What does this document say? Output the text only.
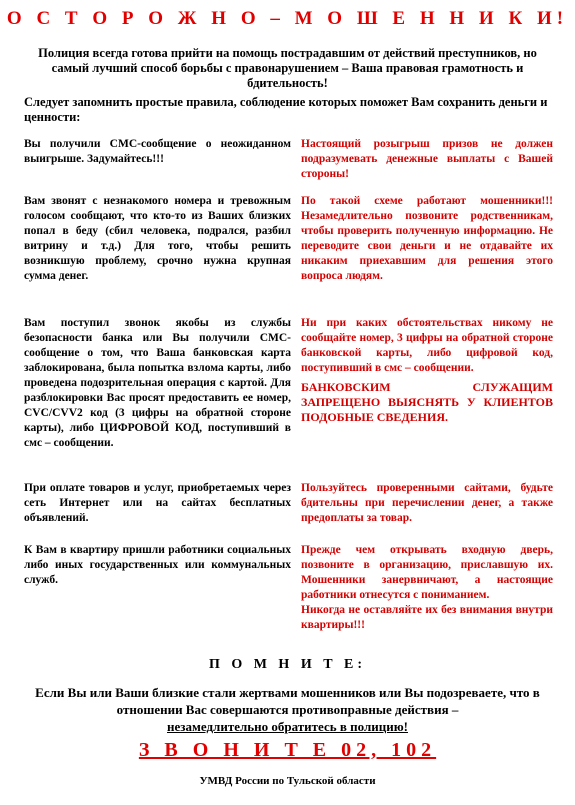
О С Т О Р О Ж Н О – М О Ш Е Н Н И К И!
Полиция всегда готова прийти на помощь пострадавшим от действий преступников, но самый лучший способ борьбы с правонарушением – Ваша правовая грамотность и бдительность!
Следует запомнить простые правила, соблюдение которых поможет Вам сохранить деньги и ценности:
Вы получили СМС-сообщение о неожиданном выигрыше. Задумайтесь!!!
Настоящий розыгрыш призов не должен подразумевать денежные выплаты с Вашей стороны!
Вам звонят с незнакомого номера и тревожным голосом сообщают, что кто-то из Ваших близких попал в беду (сбил человека, подрался, разбил витрину и т.д.) Для того, чтобы решить возникшую проблему, срочно нужна крупная сумма денег.
По такой схеме работают мошенники!!! Незамедлительно позвоните родственникам, чтобы проверить полученную информацию. Не переводите свои деньги и не отдавайте их никаким приехавшим для решения этого вопроса людям.
Вам поступил звонок якобы из службы безопасности банка или Вы получили СМС-сообщение о том, что Ваша банковская карта заблокирована, была попытка взлома карты, либо проведена подозрительная операция с картой. Для разблокировки Вас просят предоставить ее номер, CVC/CVV2 код (3 цифры на обратной стороне карты), либо ЦИФРОВОЙ КОД, поступивший в смс – сообщении.
Ни при каких обстоятельствах никому не сообщайте номер, 3 цифры на обратной стороне банковской карты, либо цифровой код, поступивший в смс – сообщении.
БАНКОВСКИМ СЛУЖАЩИМ ЗАПРЕЩЕНО ВЫЯСНЯТЬ У КЛИЕНТОВ ПОДОБНЫЕ СВЕДЕНИЯ.
При оплате товаров и услуг, приобретаемых через сеть Интернет или на сайтах бесплатных объявлений.
Пользуйтесь проверенными сайтами, будьте бдительны при перечислении денег, а также предоплаты за товар.
К Вам в квартиру пришли работники социальных либо иных государственных или коммунальных служб.
Прежде чем открывать входную дверь, позвоните в организацию, приславшую их. Мошенники занервничают, а настоящие работники отнесутся с пониманием.
Никогда не оставляйте их без внимания внутри квартиры!!!
П О М Н И Т Е:
Если Вы или Ваши близкие стали жертвами мошенников или Вы подозреваете, что в отношении Вас совершаются противоправные действия –
незамедлительно обратитесь в полицию!
З В О Н И Т Е 02, 102
УМВД России по Тульской области
